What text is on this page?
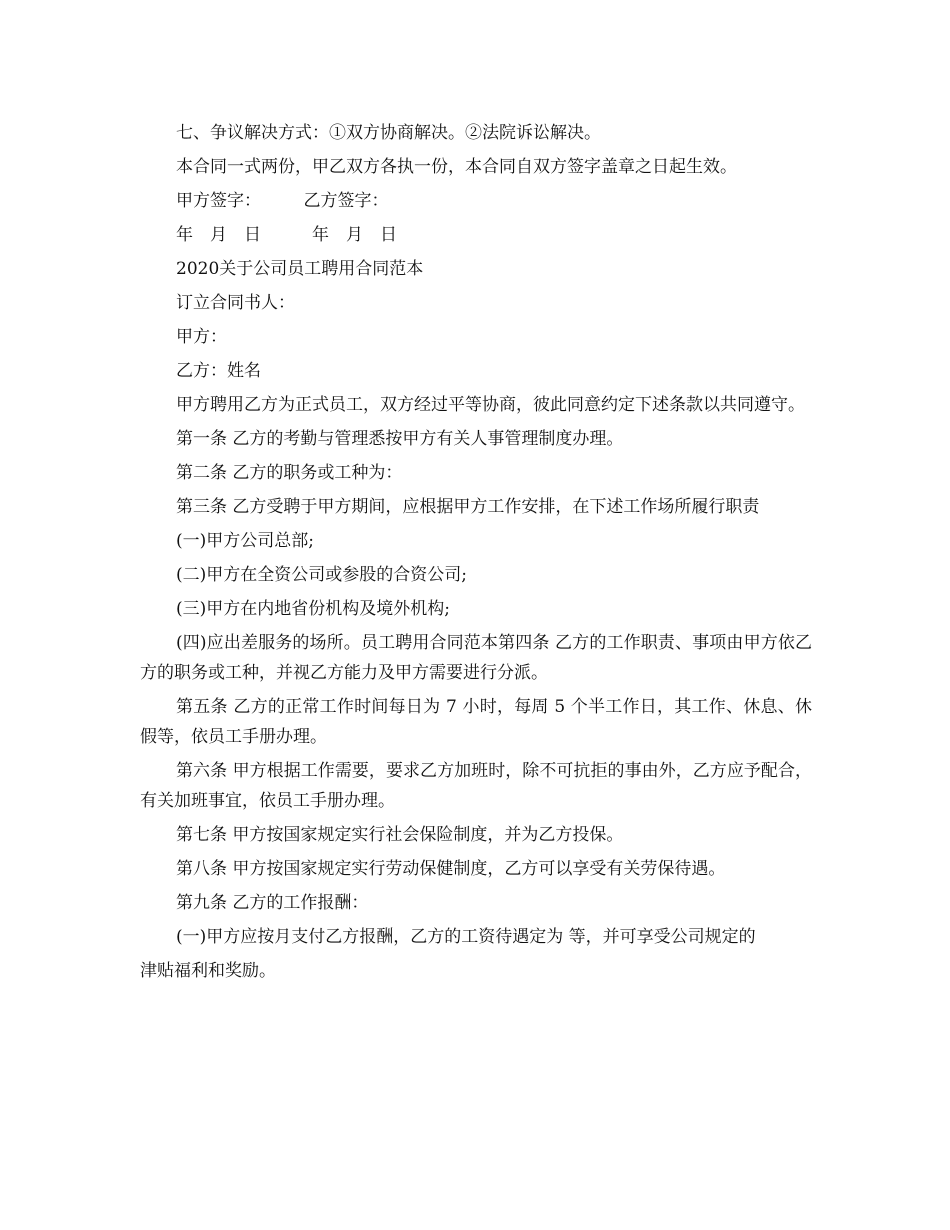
七、争议解决方式：①双方协商解决。②法院诉讼解决。

本合同一式两份，甲乙双方各执一份，本合同自双方签字盖章之日起生效。

甲方签字：　　　乙方签字：

年　月　日　　　年　月　日

2020关于公司员工聘用合同范本

订立合同书人：

甲方：

乙方：姓名

甲方聘用乙方为正式员工，双方经过平等协商，彼此同意约定下述条款以共同遵守。

第一条 乙方的考勤与管理悉按甲方有关人事管理制度办理。

第二条 乙方的职务或工种为：

第三条 乙方受聘于甲方期间，应根据甲方工作安排，在下述工作场所履行职责

(一)甲方公司总部;

(二)甲方在全资公司或参股的合资公司;

(三)甲方在内地省份机构及境外机构;

(四)应出差服务的场所。员工聘用合同范本第四条 乙方的工作职责、事项由甲方依乙方的职务或工种，并视乙方能力及甲方需要进行分派。

第五条 乙方的正常工作时间每日为 7 小时，每周 5 个半工作日，其工作、休息、休假等，依员工手册办理。

第六条 甲方根据工作需要，要求乙方加班时，除不可抗拒的事由外，乙方应予配合，有关加班事宜，依员工手册办理。

第七条 甲方按国家规定实行社会保险制度，并为乙方投保。

第八条 甲方按国家规定实行劳动保健制度，乙方可以享受有关劳保待遇。

第九条 乙方的工作报酬：

(一)甲方应按月支付乙方报酬，乙方的工资待遇定为 等，并可享受公司规定的

津贴福利和奖励。
